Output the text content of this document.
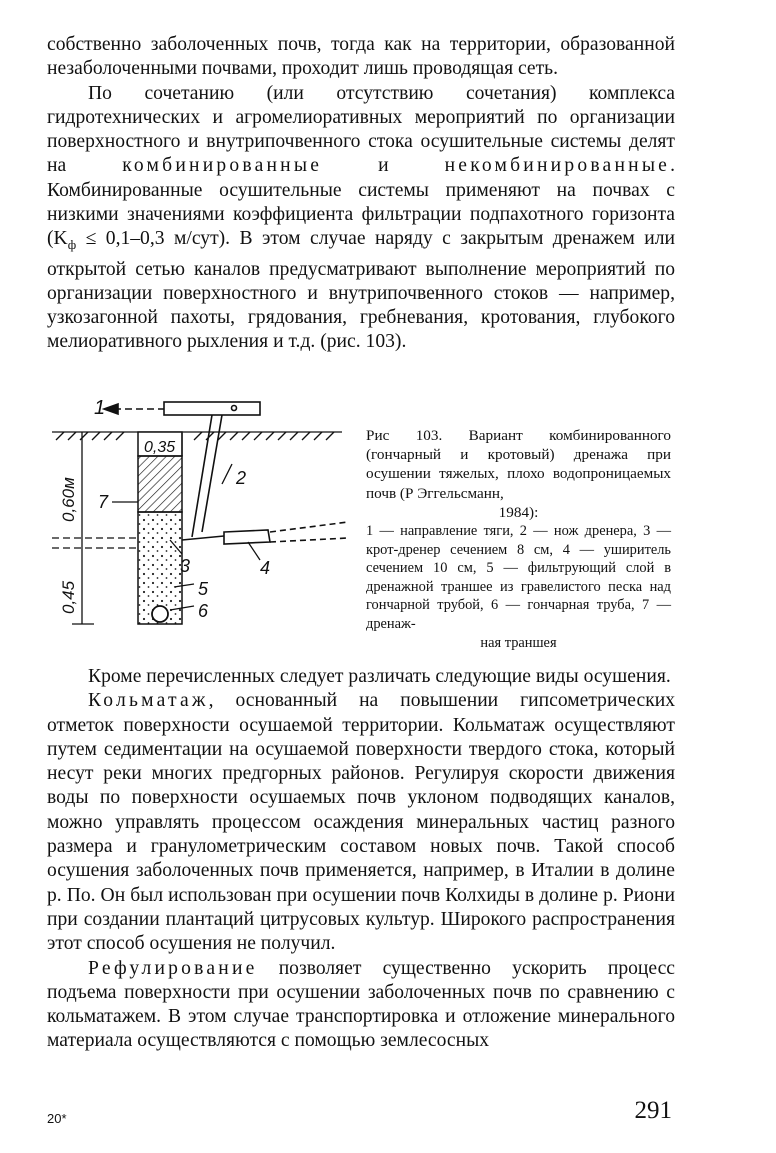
собственно заболоченных почв, тогда как на территории, образованной незаболоченными почвами, проходит лишь проводящая сеть.

По сочетанию (или отсутствию сочетания) комплекса гидротехнических и агромелиоративных мероприятий по организации поверхностного и внутрипочвенного стока осушительные системы делят на комбинированные и некомбинированные. Комбинированные осушительные системы применяют на почвах с низкими значениями коэффициента фильтрации подпахотного горизонта ($K_ф \le 0,1-0,3$ м/сут). В этом случае наряду с закрытым дренажем или открытой сетью каналов предусматривают выполнение мероприятий по организации поверхностного и внутрипочвенного стоков — например, узкозагонной пахоты, грядования, гребневания, кротования, глубокого мелиоративного рыхления и т.д. (рис. 103).

1
0,35
2
7
3	4
5
6
0,60м
0,45

Рис 103. Вариант комбинированного (гончарный и кротовый) дренажа при осушении тяжелых, плохо водопроницаемых почв (Р Эггельсманн,

1984):

1 — направление тяги, 2 — нож дренера, 3 — крот-дренер сечением 8 см, 4 — уширитель сечением 10 см, 5 — фильтрующий слой в дренажной траншее из гравелистого песка над гончарной трубой, 6 — гончарная труба, 7 — дренаж-

ная траншея

Кроме перечисленных следует различать следующие виды осушения.

Кольматаж, основанный на повышении гипсометрических отметок поверхности осушаемой территории. Кольматаж осуществляют путем седиментации на осушаемой поверхности твердого стока, который несут реки многих предгорных районов. Регулируя скорости движения воды по поверхности осушаемых почв уклоном подводящих каналов, можно управлять процессом осаждения минеральных частиц разного размера и гранулометрическим составом новых почв. Такой способ осушения заболоченных почв применяется, например, в Италии в долине р. По. Он был использован при осушении почв Колхиды в долине р. Риони при создании плантаций цитрусовых культур. Широкого распространения этот способ осушения не получил.

Рефулирование позволяет существенно ускорить процесс подъема поверхности при осушении заболоченных почв по сравнению с кольматажем. В этом случае транспортировка и отложение минерального материала осуществляются с помощью землесосных

20*	291
